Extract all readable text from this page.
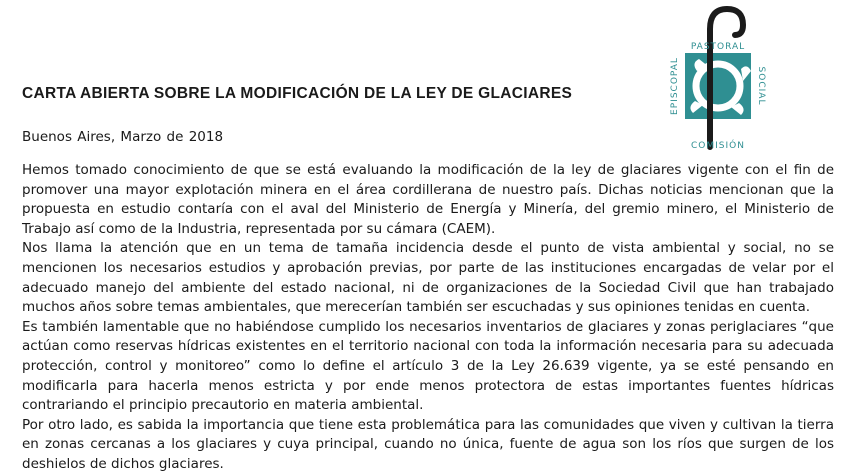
CARTA ABIERTA SOBRE LA MODIFICACIÓN DE LA LEY DE GLACIARES
Buenos Aires, Marzo de 2018

Hemos tomado conocimiento de que se está evaluando la modificación de la ley de glaciares vigente con el fin de promover una mayor explotación minera en el área cordillerana de nuestro país. Dichas noticias mencionan que la propuesta en estudio contaría con el aval del Ministerio de Energía y Minería, del gremio minero, el Ministerio de Trabajo así como de la Industria, representada por su cámara (CAEM).

Nos llama la atención que en un tema de tamaña incidencia desde el punto de vista ambiental y social, no se mencionen los necesarios estudios y aprobación previas, por parte de las instituciones encargadas de velar por el adecuado manejo del ambiente del estado nacional, ni de organizaciones de la Sociedad Civil que han trabajado muchos años sobre temas ambientales, que merecerían también ser escuchadas y sus opiniones tenidas en cuenta.

Es también lamentable que no habiéndose cumplido los necesarios inventarios de glaciares y zonas periglaciares “que actúan como reservas hídricas existentes en el territorio nacional con toda la información necesaria para su adecuada protección, control y monitoreo” como lo define el artículo 3 de la Ley 26.639 vigente, ya se esté pensando en modificarla para hacerla menos estricta y por ende menos protectora de estas importantes fuentes hídricas contrariando el principio precautorio en materia ambiental.

Por otro lado, es sabida la importancia que tiene esta problemática para las comunidades que viven y cultivan la tierra en zonas cercanas a los glaciares y cuya principal, cuando no única, fuente de agua son los ríos que surgen de los deshielos de dichos glaciares.

PASTORAL
COMISIÓN
EPISCOPAL	SOCIAL
